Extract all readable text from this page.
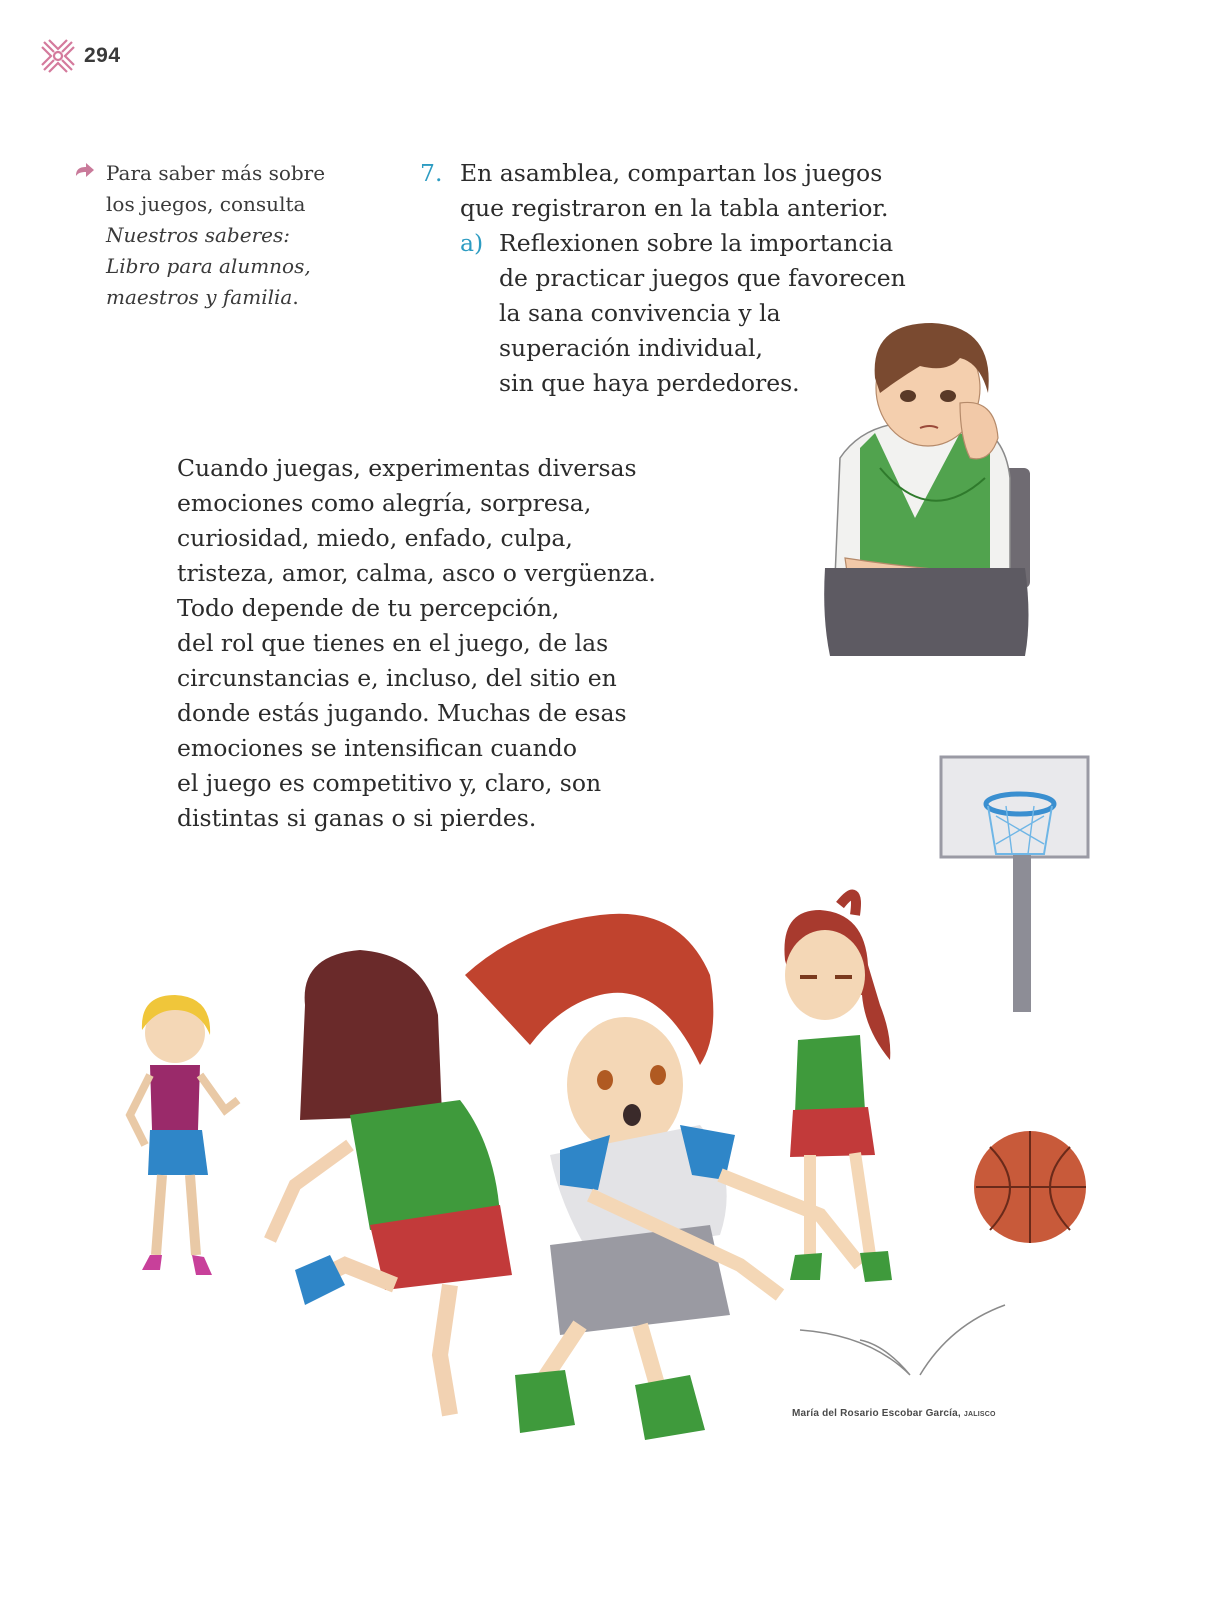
294
Para saber más sobre
los juegos, consulta
Nuestros saberes:
Libro para alumnos,
maestros y familia.
7. En asamblea, compartan los juegos
que registraron en la tabla anterior.
a) Reflexionen sobre la importancia
de practicar juegos que favorecen
la sana convivencia y la
superación individual,
sin que haya perdedores.
Cuando juegas, experimentas diversas
emociones como alegría, sorpresa,
curiosidad, miedo, enfado, culpa,
tristeza, amor, calma, asco o vergüenza.
Todo depende de tu percepción,
del rol que tienes en el juego, de las
circunstancias e, incluso, del sitio en
donde estás jugando. Muchas de esas
emociones se intensifican cuando
el juego es competitivo y, claro, son
distintas si ganas o si pierdes.
María del Rosario Escobar García, JALISCO
